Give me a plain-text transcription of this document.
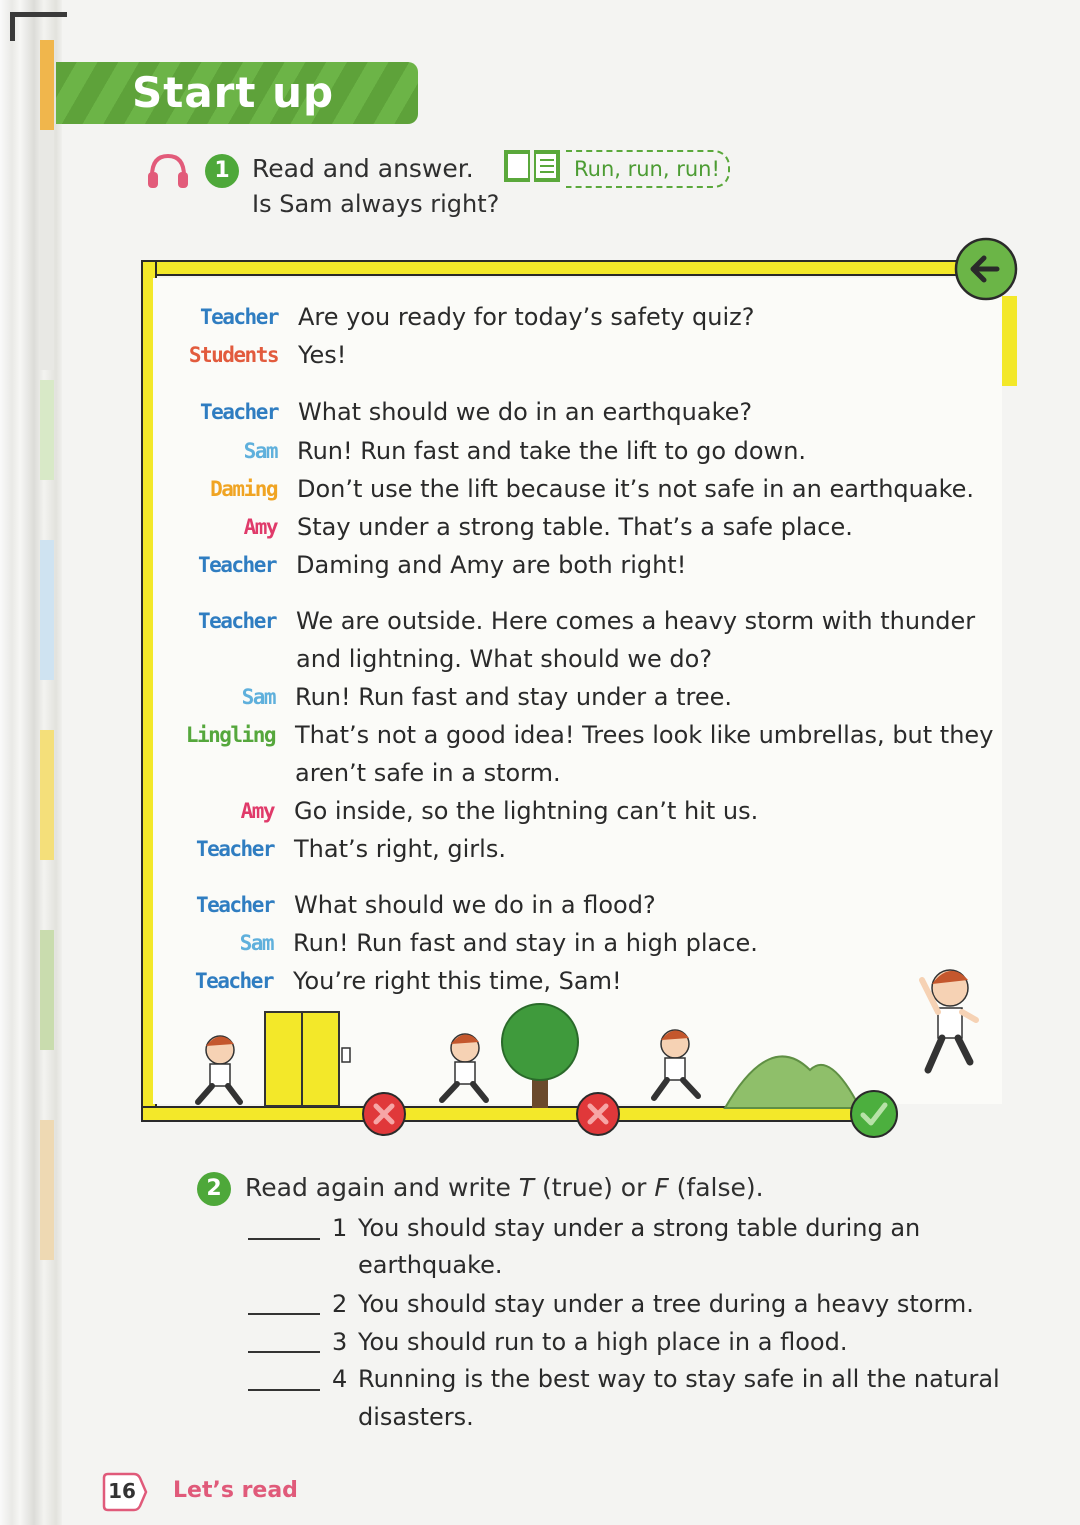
Start up
1 Read and answer.	Run, run, run!
Is Sam always right?
Teacher Are you ready for today’s safety quiz?
Students Yes!
Teacher What should we do in an earthquake?
Sam Run! Run fast and take the lift to go down.
Daming Don’t use the lift because it’s not safe in an earthquake.
Amy Stay under a strong table. That’s a safe place.
Teacher Daming and Amy are both right!
Teacher We are outside. Here comes a heavy storm with thunder
and lightning. What should we do?
Sam Run! Run fast and stay under a tree.
Lingling That’s not a good idea! Trees look like umbrellas, but they
aren’t safe in a storm.
Amy Go inside, so the lightning can’t hit us.
Teacher That’s right, girls.
Teacher What should we do in a flood?
Sam Run! Run fast and stay in a high place.
Teacher You’re right this time, Sam!
2 Read again and write T (true) or F (false).
1 You should stay under a strong table during an
earthquake.
2 You should stay under a tree during a heavy storm.
3 You should run to a high place in a flood.
4 Running is the best way to stay safe in all the natural
disasters.
16	Let’s read
